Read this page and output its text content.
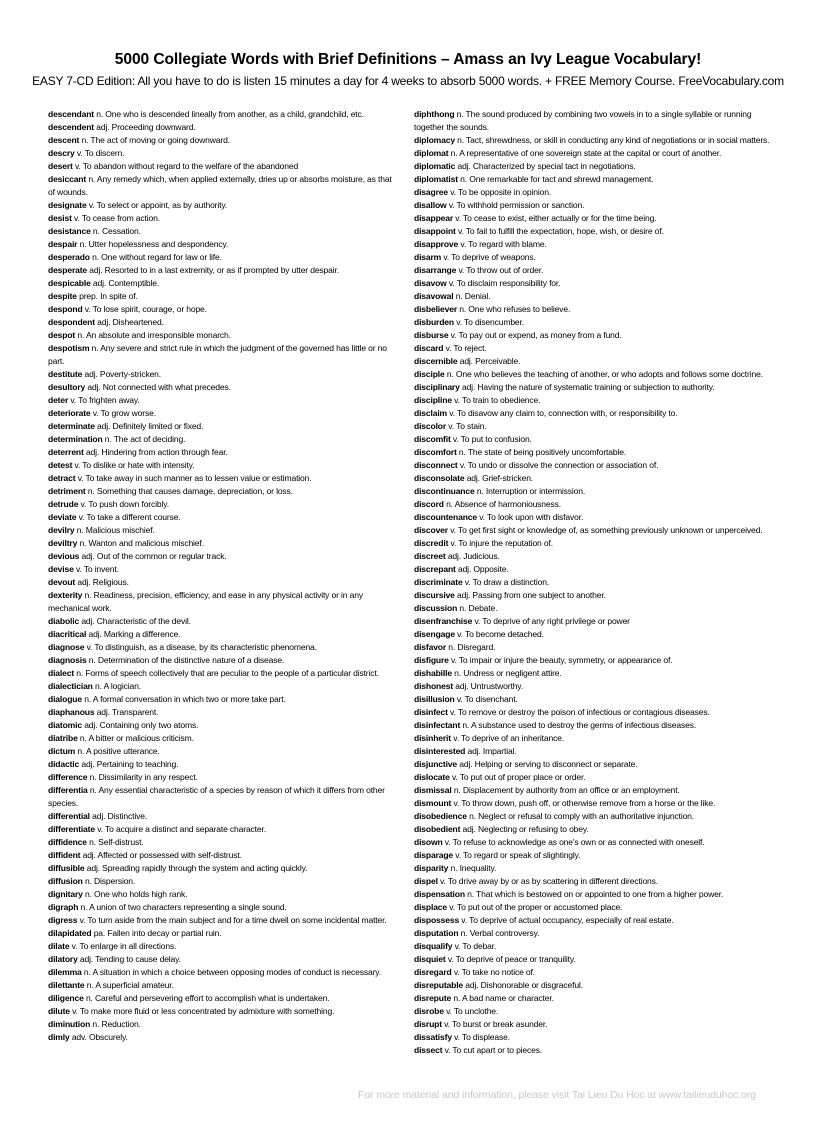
5000 Collegiate Words with Brief Definitions – Amass an Ivy League Vocabulary!

EASY 7-CD Edition: All you have to do is listen 15 minutes a day for 4 weeks to absorb 5000 words. + FREE Memory Course. FreeVocabulary.com

descendant n. One who is descended lineally from another, as a child, grandchild, etc.

descendent adj. Proceeding downward.

descent n. The act of moving or going downward.

descry v. To discern.

desert v. To abandon without regard to the welfare of the abandoned

desiccant n. Any remedy which, when applied externally, dries up or absorbs moisture, as that of wounds.

designate v. To select or appoint, as by authority.

desist v. To cease from action.

desistance n. Cessation.

despair n. Utter hopelessness and despondency.

desperado n. One without regard for law or life.

desperate adj. Resorted to in a last extremity, or as if prompted by utter despair.

despicable adj. Contemptible.

despite prep. In spite of.

despond v. To lose spirit, courage, or hope.

despondent adj. Disheartened.

despot n. An absolute and irresponsible monarch.

despotism n. Any severe and strict rule in which the judgment of the governed has little or no part.

destitute adj. Poverty-stricken.

desultory adj. Not connected with what precedes.

deter v. To frighten away.

deteriorate v. To grow worse.

determinate adj. Definitely limited or fixed.

determination n. The act of deciding.

deterrent adj. Hindering from action through fear.

detest v. To dislike or hate with intensity.

detract v. To take away in such manner as to lessen value or estimation.

detriment n. Something that causes damage, depreciation, or loss.

detrude v. To push down forcibly.

deviate v. To take a different course.

devilry n. Malicious mischief.

deviltry n. Wanton and malicious mischief.

devious adj. Out of the common or regular track.

devise v. To invent.

devout adj. Religious.

dexterity n. Readiness, precision, efficiency, and ease in any physical activity or in any mechanical work.

diabolic adj. Characteristic of the devil.

diacritical adj. Marking a difference.

diagnose v. To distinguish, as a disease, by its characteristic phenomena.

diagnosis n. Determination of the distinctive nature of a disease.

dialect n. Forms of speech collectively that are peculiar to the people of a particular district.

dialectician n. A logician.

dialogue n. A formal conversation in which two or more take part.

diaphanous adj. Transparent.

diatomic adj. Containing only two atoms.

diatribe n. A bitter or malicious criticism.

dictum n. A positive utterance.

didactic adj. Pertaining to teaching.

difference n. Dissimilarity in any respect.

differentia n. Any essential characteristic of a species by reason of which it differs from other species.

differential adj. Distinctive.

differentiate v. To acquire a distinct and separate character.

diffidence n. Self-distrust.

diffident adj. Affected or possessed with self-distrust.

diffusible adj. Spreading rapidly through the system and acting quickly.

diffusion n. Dispersion.

dignitary n. One who holds high rank.

digraph n. A union of two characters representing a single sound.

digress v. To turn aside from the main subject and for a time dwell on some incidental matter.

dilapidated pa. Fallen into decay or partial ruin.

dilate v. To enlarge in all directions.

dilatory adj. Tending to cause delay.

dilemma n. A situation in which a choice between opposing modes of conduct is necessary.

dilettante n. A superficial amateur.

diligence n. Careful and persevering effort to accomplish what is undertaken.

dilute v. To make more fluid or less concentrated by admixture with something.

diminution n. Reduction.

dimly adv. Obscurely.

diphthong n. The sound produced by combining two vowels in to a single syllable or running together the sounds.

diplomacy n. Tact, shrewdness, or skill in conducting any kind of negotiations or in social matters.

diplomat n. A representative of one sovereign state at the capital or court of another.

diplomatic adj. Characterized by special tact in negotiations.

diplomatist n. One remarkable for tact and shrewd management.

disagree v. To be opposite in opinion.

disallow v. To withhold permission or sanction.

disappear v. To cease to exist, either actually or for the time being.

disappoint v. To fail to fulfill the expectation, hope, wish, or desire of.

disapprove v. To regard with blame.

disarm v. To deprive of weapons.

disarrange v. To throw out of order.

disavow v. To disclaim responsibility for.

disavowal n. Denial.

disbeliever n. One who refuses to believe.

disburden v. To disencumber.

disburse v. To pay out or expend, as money from a fund.

discard v. To reject.

discernible adj. Perceivable.

disciple n. One who believes the teaching of another, or who adopts and follows some doctrine.

disciplinary adj. Having the nature of systematic training or subjection to authority.

discipline v. To train to obedience.

disclaim v. To disavow any claim to, connection with, or responsibility to.

discolor v. To stain.

discomfit v. To put to confusion.

discomfort n. The state of being positively uncomfortable.

disconnect v. To undo or dissolve the connection or association of.

disconsolate adj. Grief-stricken.

discontinuance n. Interruption or intermission.

discord n. Absence of harmoniousness.

discountenance v. To look upon with disfavor.

discover v. To get first sight or knowledge of, as something previously unknown or unperceived.

discredit v. To injure the reputation of.

discreet adj. Judicious.

discrepant adj. Opposite.

discriminate v. To draw a distinction.

discursive adj. Passing from one subject to another.

discussion n. Debate.

disenfranchise v. To deprive of any right privilege or power

disengage v. To become detached.

disfavor n. Disregard.

disfigure v. To impair or injure the beauty, symmetry, or appearance of.

dishabille n. Undress or negligent attire.

dishonest adj. Untrustworthy.

disillusion v. To disenchant.

disinfect v. To remove or destroy the poison of infectious or contagious diseases.

disinfectant n. A substance used to destroy the germs of infectious diseases.

disinherit v. To deprive of an inheritance.

disinterested adj. Impartial.

disjunctive adj. Helping or serving to disconnect or separate.

dislocate v. To put out of proper place or order.

dismissal n. Displacement by authority from an office or an employment.

dismount v. To throw down, push off, or otherwise remove from a horse or the like.

disobedience n. Neglect or refusal to comply with an authoritative injunction.

disobedient adj. Neglecting or refusing to obey.

disown v. To refuse to acknowledge as one's own or as connected with oneself.

disparage v. To regard or speak of slightingly.

disparity n. Inequality.

dispel v. To drive away by or as by scattering in different directions.

dispensation n. That which is bestowed on or appointed to one from a higher power.

displace v. To put out of the proper or accustomed place.

dispossess v. To deprive of actual occupancy, especially of real estate.

disputation n. Verbal controversy.

disqualify v. To debar.

disquiet v. To deprive of peace or tranquility.

disregard v. To take no notice of.

disreputable adj. Dishonorable or disgraceful.

disrepute n. A bad name or character.

disrobe v. To unclothe.

disrupt v. To burst or break asunder.

dissatisfy v. To displease.

dissect v. To cut apart or to pieces.

For more material and information, please visit Tai Lieu Du Hoc at www.tailieuduhoc.org
